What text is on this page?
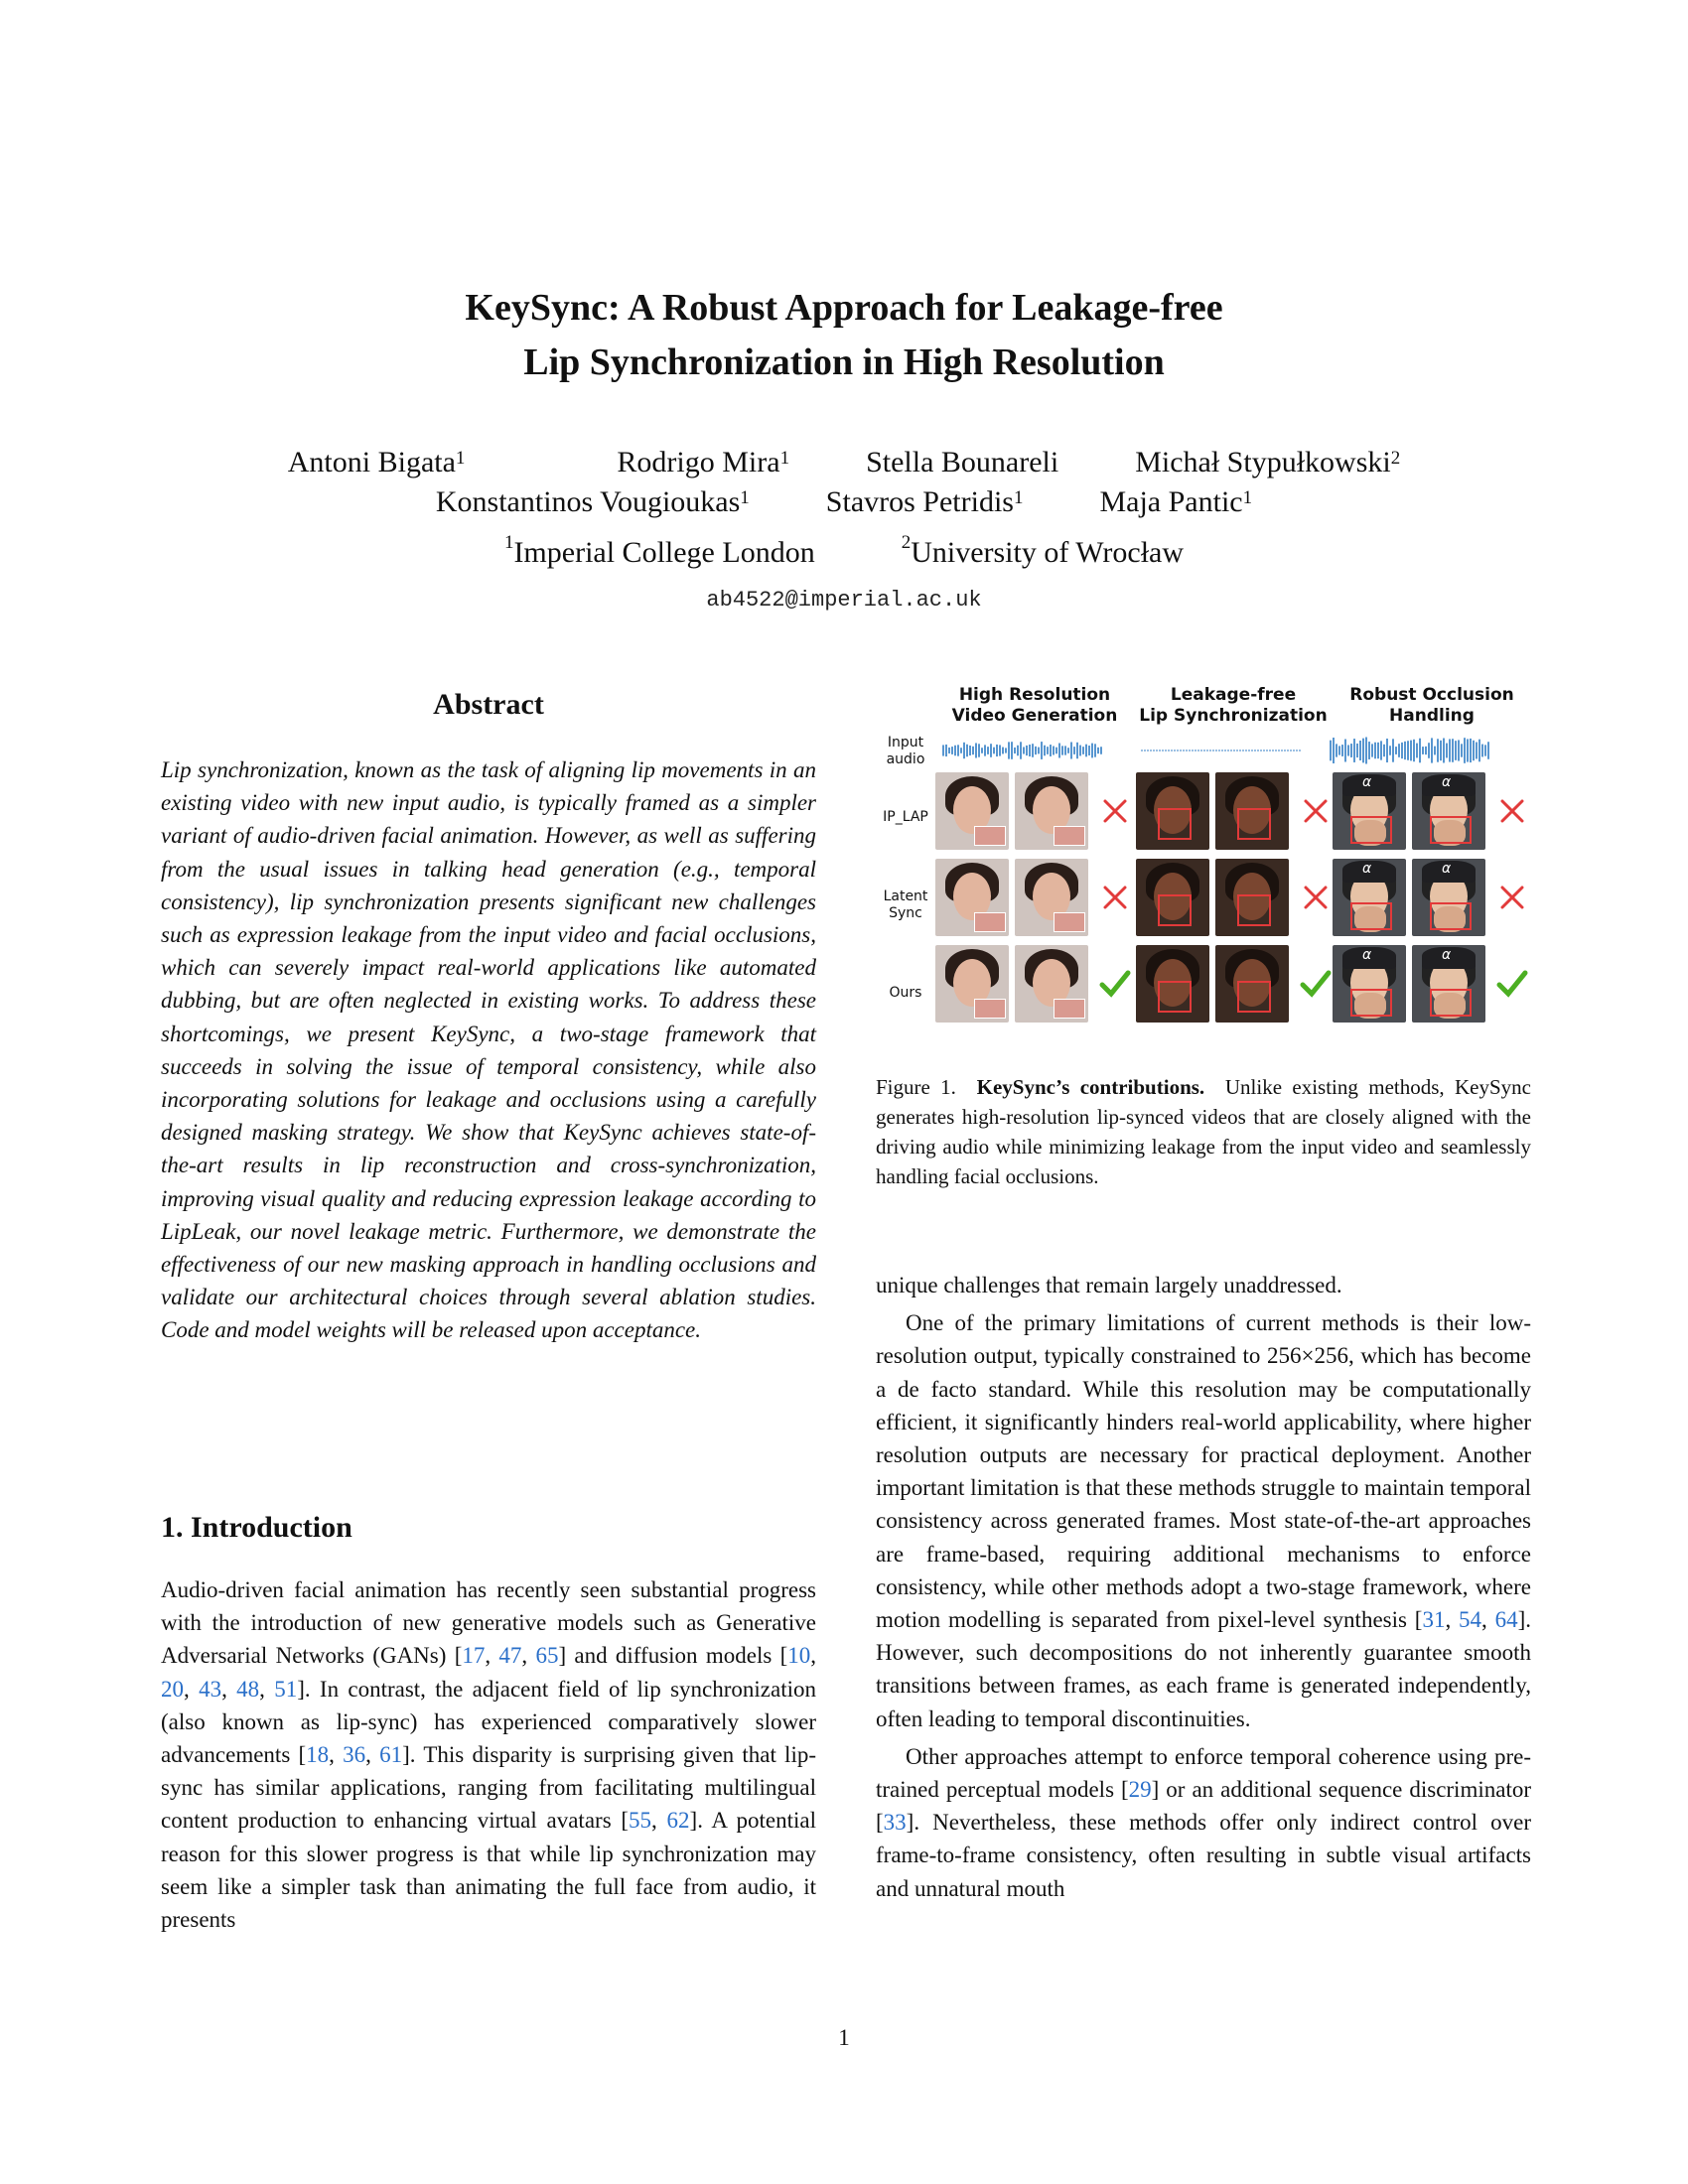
KeySync: A Robust Approach for Leakage-free
Lip Synchronization in High Resolution
Antoni Bigata$^1$	Rodrigo Mira$^1$	Stella Bounareli	Michał Stypułkowski$^2$
Konstantinos Vougioukas$^1$	Stavros Petridis$^1$	Maja Pantic$^1$
$^1$Imperial College London	$^2$University of Wrocław
ab4522@imperial.ac.uk
Abstract
Lip synchronization, known as the task of aligning lip movements in an existing video with new input audio, is typically framed as a simpler variant of audio-driven facial animation. However, as well as suffering from the usual issues in talking head generation (e.g., temporal consistency), lip synchronization presents significant new challenges such as expression leakage from the input video and facial occlusions, which can severely impact real-world applications like automated dubbing, but are often neglected in existing works. To address these shortcomings, we present KeySync, a two-stage framework that succeeds in solving the issue of temporal consistency, while also incorporating solutions for leakage and occlusions using a carefully designed masking strategy. We show that KeySync achieves state-of-the-art results in lip reconstruction and cross-synchronization, improving visual quality and reducing expression leakage according to LipLeak, our novel leakage metric. Furthermore, we demonstrate the effectiveness of our new masking approach in handling occlusions and validate our architectural choices through several ablation studies. Code and model weights will be released upon acceptance.
1. Introduction

Audio-driven facial animation has recently seen substantial progress with the introduction of new generative models such as Generative Adversarial Networks (GANs) [17, 47, 65] and diffusion models [10, 20, 43, 48, 51]. In contrast, the adjacent field of lip synchronization (also known as lip-sync) has experienced comparatively slower advancements [18, 36, 61]. This disparity is surprising given that lip-sync has similar applications, ranging from facilitating multilingual content production to enhancing virtual avatars [55, 62]. A potential reason for this slower progress is that while lip synchronization may seem like a simpler task than animating the full face from audio, it presents

High Resolution
Video Generation
Leakage-free
Lip Synchronization
Robust Occlusion
Handling
Input
audio
IP_LAP
Latent
Sync
Ours
α	α
α	α
α	α
Figure 1. KeySync’s contributions. Unlike existing methods, KeySync generates high-resolution lip-synced videos that are closely aligned with the driving audio while minimizing leakage from the input video and seamlessly handling facial occlusions.

unique challenges that remain largely unaddressed.

One of the primary limitations of current methods is their low-resolution output, typically constrained to 256×256, which has become a de facto standard. While this resolution may be computationally efficient, it significantly hinders real-world applicability, where higher resolution outputs are necessary for practical deployment. Another important limitation is that these methods struggle to maintain temporal consistency across generated frames. Most state-of-the-art approaches are frame-based, requiring additional mechanisms to enforce consistency, while other methods adopt a two-stage framework, where motion modelling is separated from pixel-level synthesis [31, 54, 64]. However, such decompositions do not inherently guarantee smooth transitions between frames, as each frame is generated independently, often leading to temporal discontinuities.

Other approaches attempt to enforce temporal coherence using pre-trained perceptual models [29] or an additional sequence discriminator [33]. Nevertheless, these methods offer only indirect control over frame-to-frame consistency, often resulting in subtle visual artifacts and unnatural mouth

1
